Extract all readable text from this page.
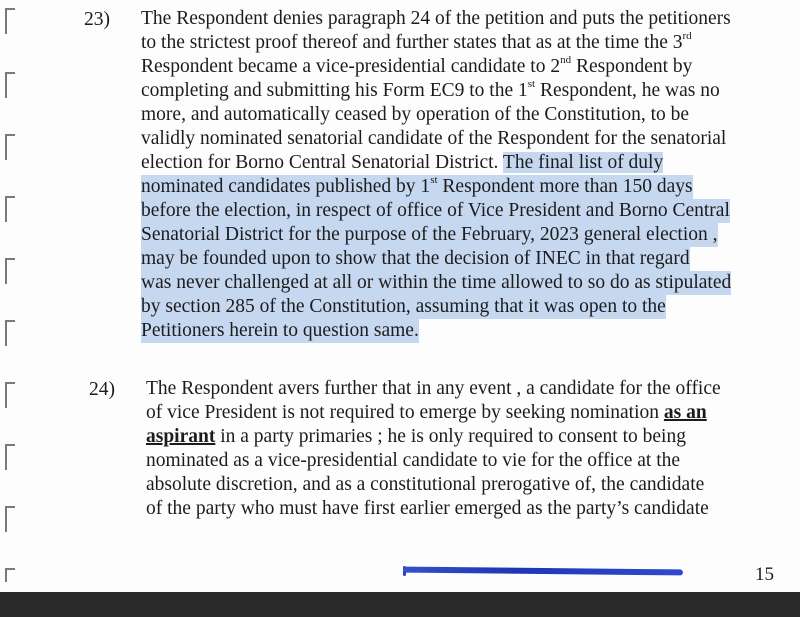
23) The Respondent denies paragraph 24 of the petition and puts the petitioners
to the strictest proof thereof and further states that as at the time the 3rd
Respondent became a vice-presidential candidate to 2nd Respondent by
completing and submitting his Form EC9 to the 1st Respondent, he was no
more, and automatically ceased by operation of the Constitution, to be
validly nominated senatorial candidate of the Respondent for the senatorial
election for Borno Central Senatorial District. The final list of duly
nominated candidates published by 1st Respondent more than 150 days
before the election, in respect of office of Vice President and Borno Central
Senatorial District for the purpose of the February, 2023 general election ,
may be founded upon to show that the decision of INEC in that regard
was never challenged at all or within the time allowed to so do as stipulated
by section 285 of the Constitution, assuming that it was open to the
Petitioners herein to question same.
24) The Respondent avers further that in any event , a candidate for the office
of vice President is not required to emerge by seeking nomination as an
aspirant in a party primaries ; he is only required to consent to being
nominated as a vice-presidential candidate to vie for the office at the
absolute discretion, and as a constitutional prerogative of, the candidate
of the party who must have first earlier emerged as the party’s candidate
15
